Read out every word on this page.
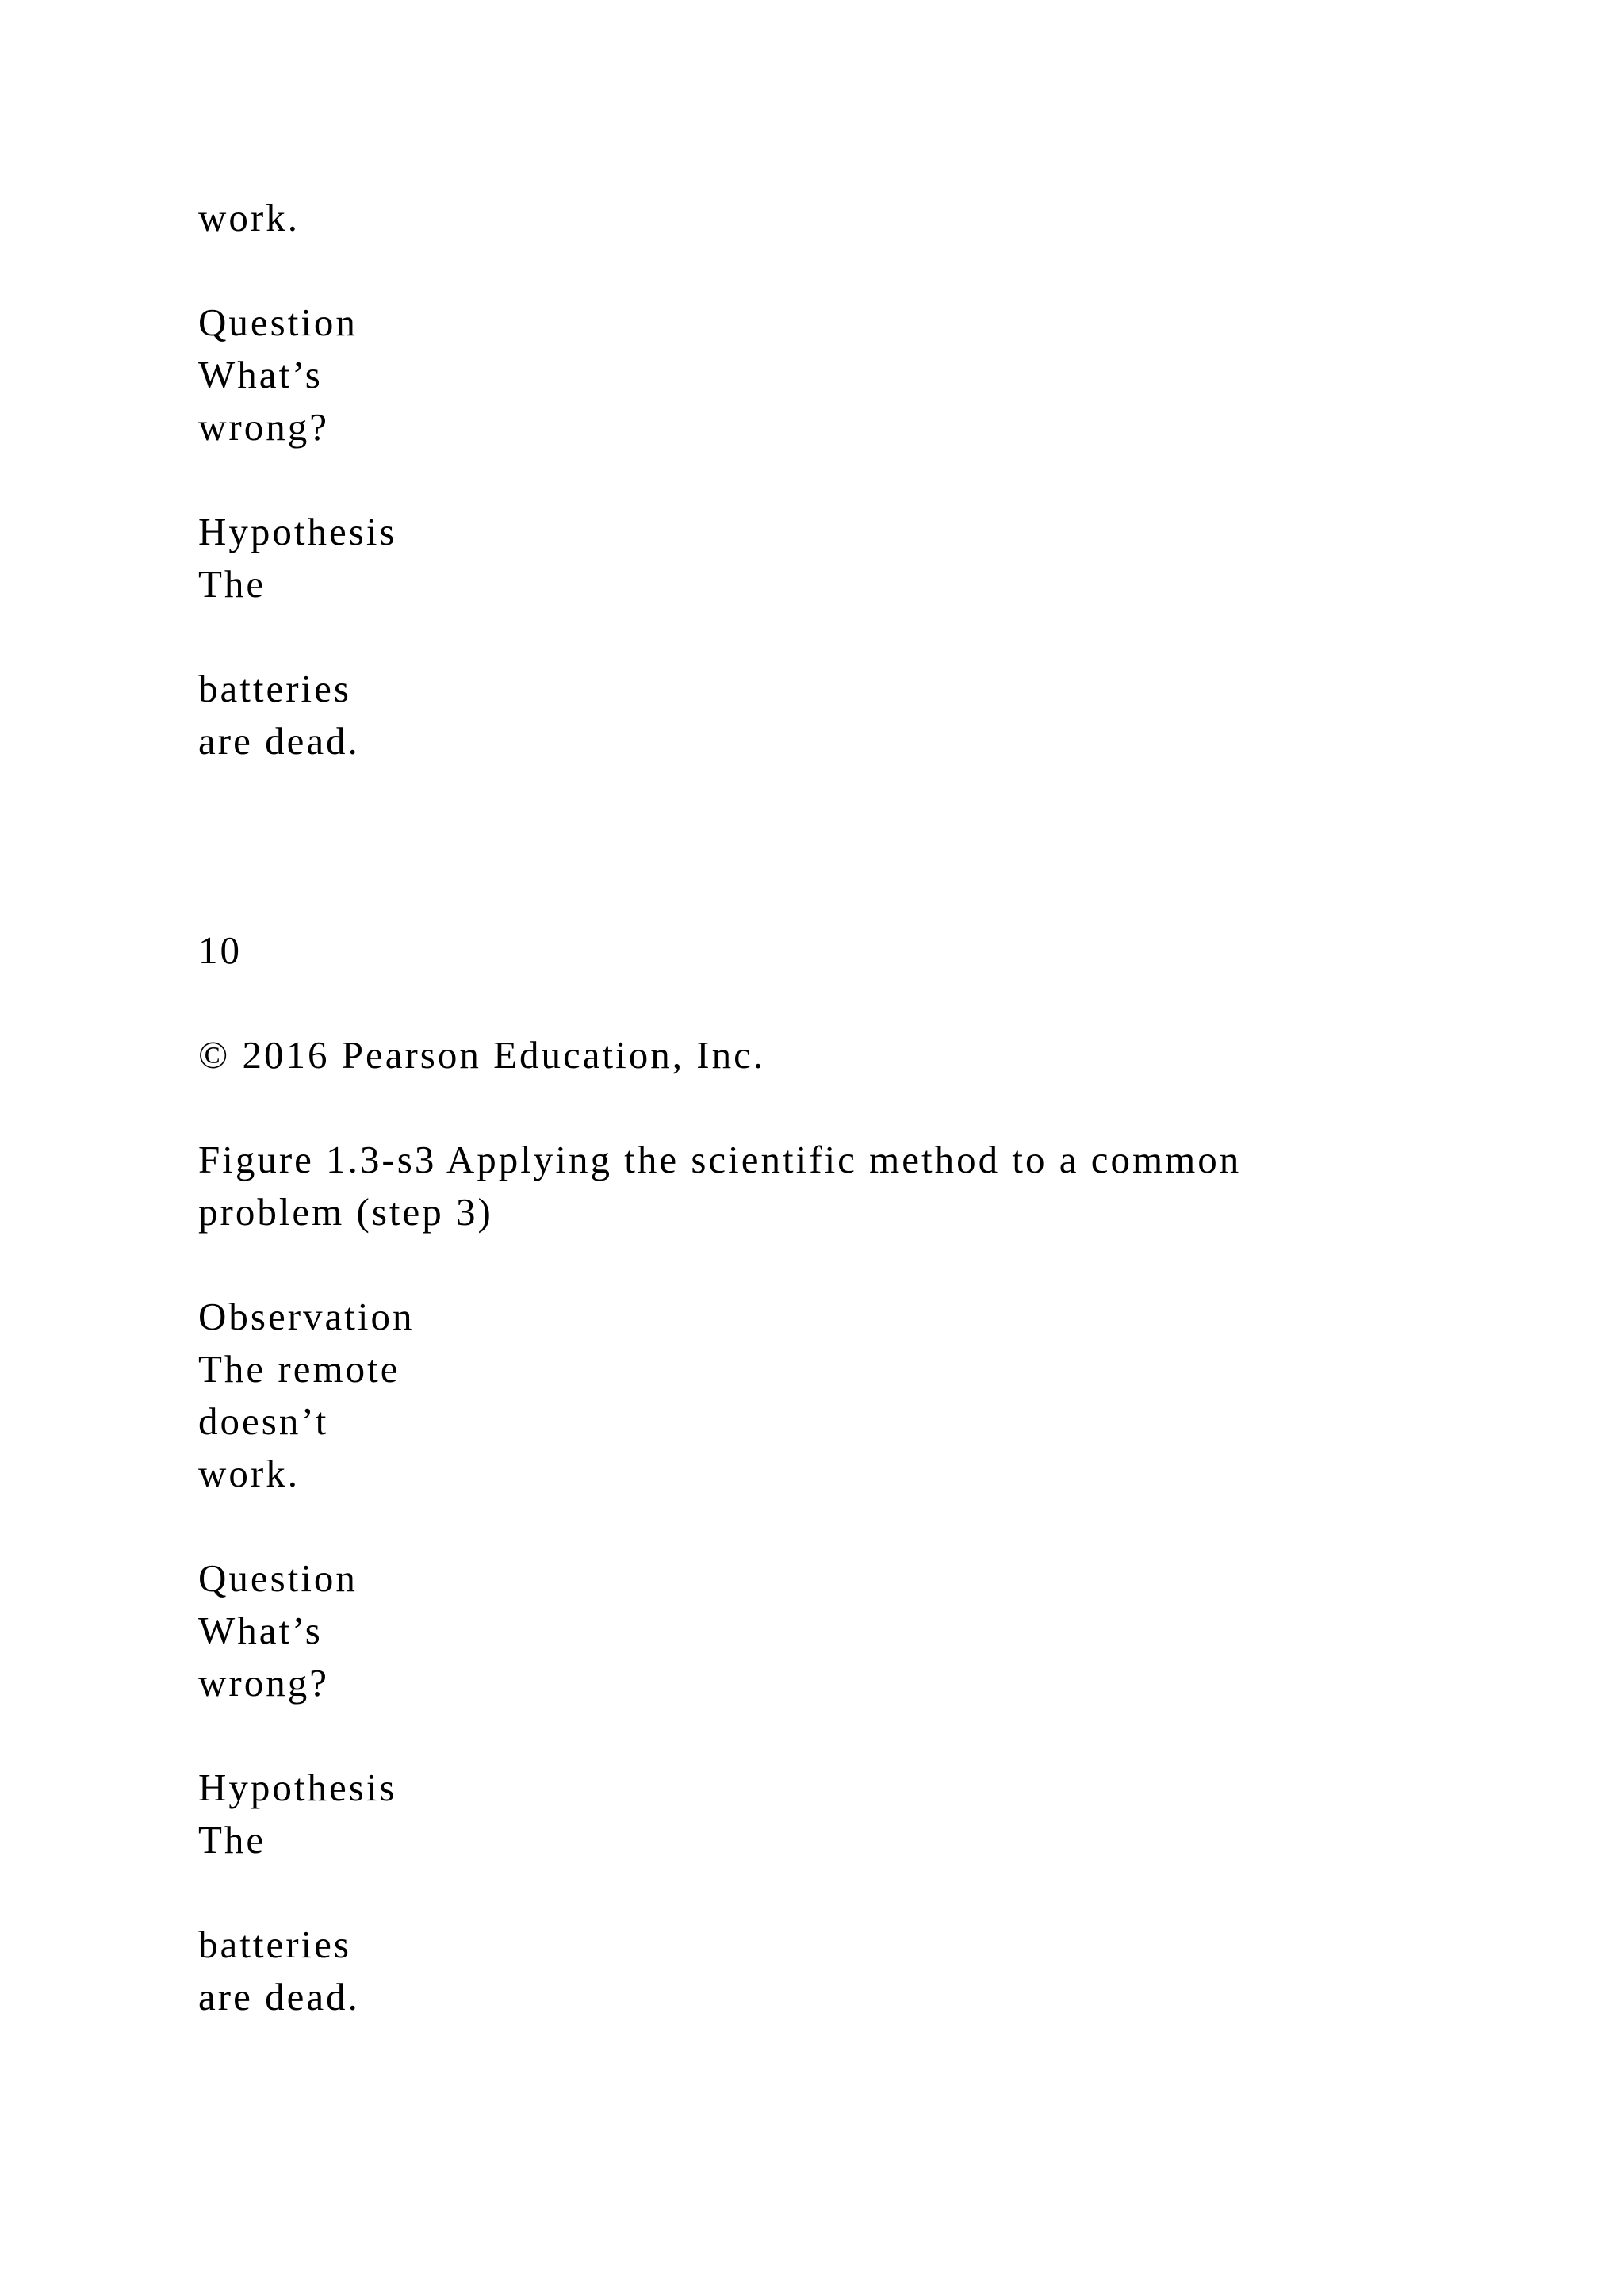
work.
Question
What’s
wrong?
Hypothesis
The
batteries
are dead.
10
© 2016 Pearson Education, Inc.
Figure 1.3-s3 Applying the scientific method to a common
problem (step 3)
Observation
The remote
doesn’t
work.
Question
What’s
wrong?
Hypothesis
The
batteries
are dead.
